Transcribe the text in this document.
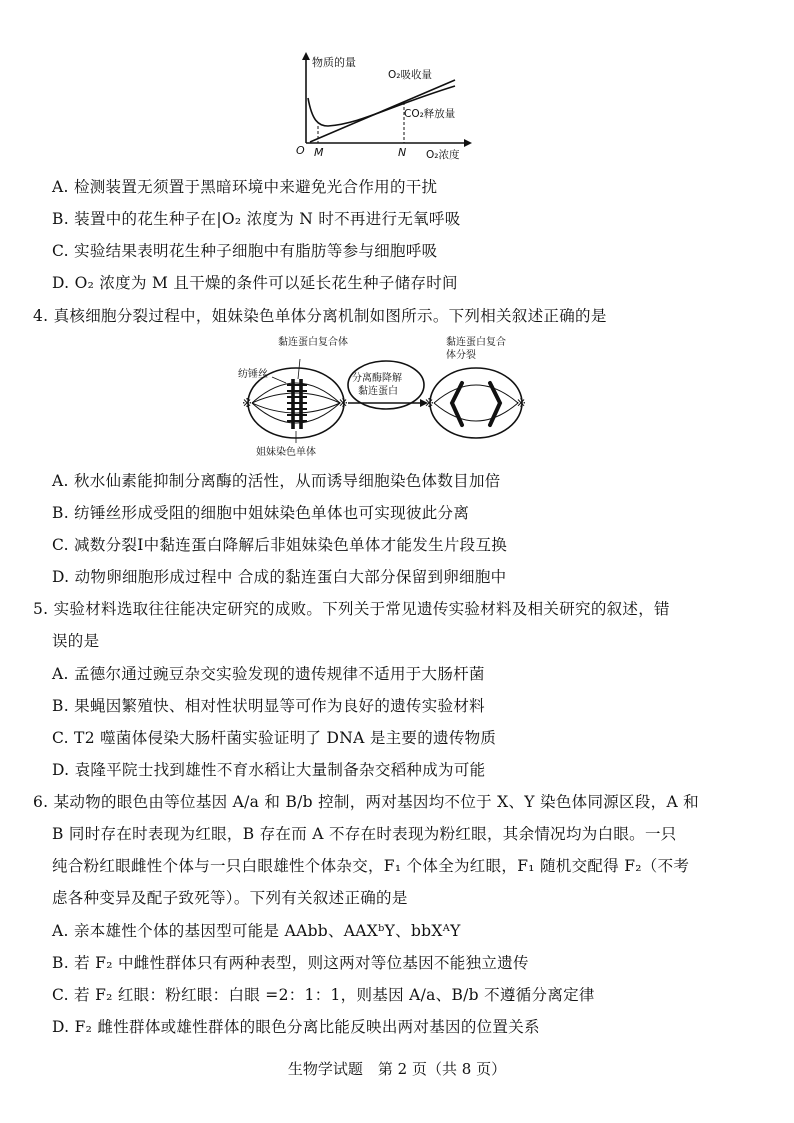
物质的量
O₂吸收量
CO₂释放量
O M	N O₂浓度
A. 检测装置无须置于黑暗环境中来避免光合作用的干扰
B. 装置中的花生种子在|O₂ 浓度为 N 时不再进行无氧呼吸
C. 实验结果表明花生种子细胞中有脂肪等参与细胞呼吸
D. O₂ 浓度为 M 且干燥的条件可以延长花生种子储存时间
4. 真核细胞分裂过程中，姐妹染色单体分离机制如图所示。下列相关叙述正确的是
※	※
黏连蛋白复合体
纺锤丝
姐妹染色单体
分离酶降解
黏连蛋白
※	※
黏连蛋白复合
体分裂
A. 秋水仙素能抑制分离酶的活性，从而诱导细胞染色体数目加倍
B. 纺锤丝形成受阻的细胞中姐妹染色单体也可实现彼此分离
C. 减数分裂Ⅰ中黏连蛋白降解后非姐妹染色单体才能发生片段互换
D. 动物卵细胞形成过程中 合成的黏连蛋白大部分保留到卵细胞中
5. 实验材料选取往往能决定研究的成败。下列关于常见遗传实验材料及相关研究的叙述，错
误的是
A. 孟德尔通过豌豆杂交实验发现的遗传规律不适用于大肠杆菌
B. 果蝇因繁殖快、相对性状明显等可作为良好的遗传实验材料
C. T2 噬菌体侵染大肠杆菌实验证明了 DNA 是主要的遗传物质
D. 袁隆平院士找到雄性不育水稻让大量制备杂交稻种成为可能
6. 某动物的眼色由等位基因 A/a 和 B/b 控制，两对基因均不位于 X、Y 染色体同源区段，A 和
B 同时存在时表现为红眼，B 存在而 A 不存在时表现为粉红眼，其余情况均为白眼。一只
纯合粉红眼雌性个体与一只白眼雄性个体杂交，F₁ 个体全为红眼，F₁ 随机交配得 F₂（不考
虑各种变异及配子致死等）。下列有关叙述正确的是
A. 亲本雄性个体的基因型可能是 AAbb、AAXᵇY、bbXᴬY
B. 若 F₂ 中雌性群体只有两种表型，则这两对等位基因不能独立遗传
C. 若 F₂ 红眼：粉红眼：白眼 =2：1：1，则基因 A/a、B/b 不遵循分离定律
D. F₂ 雌性群体或雄性群体的眼色分离比能反映出两对基因的位置关系
生物学试题　第 2 页（共 8 页）
